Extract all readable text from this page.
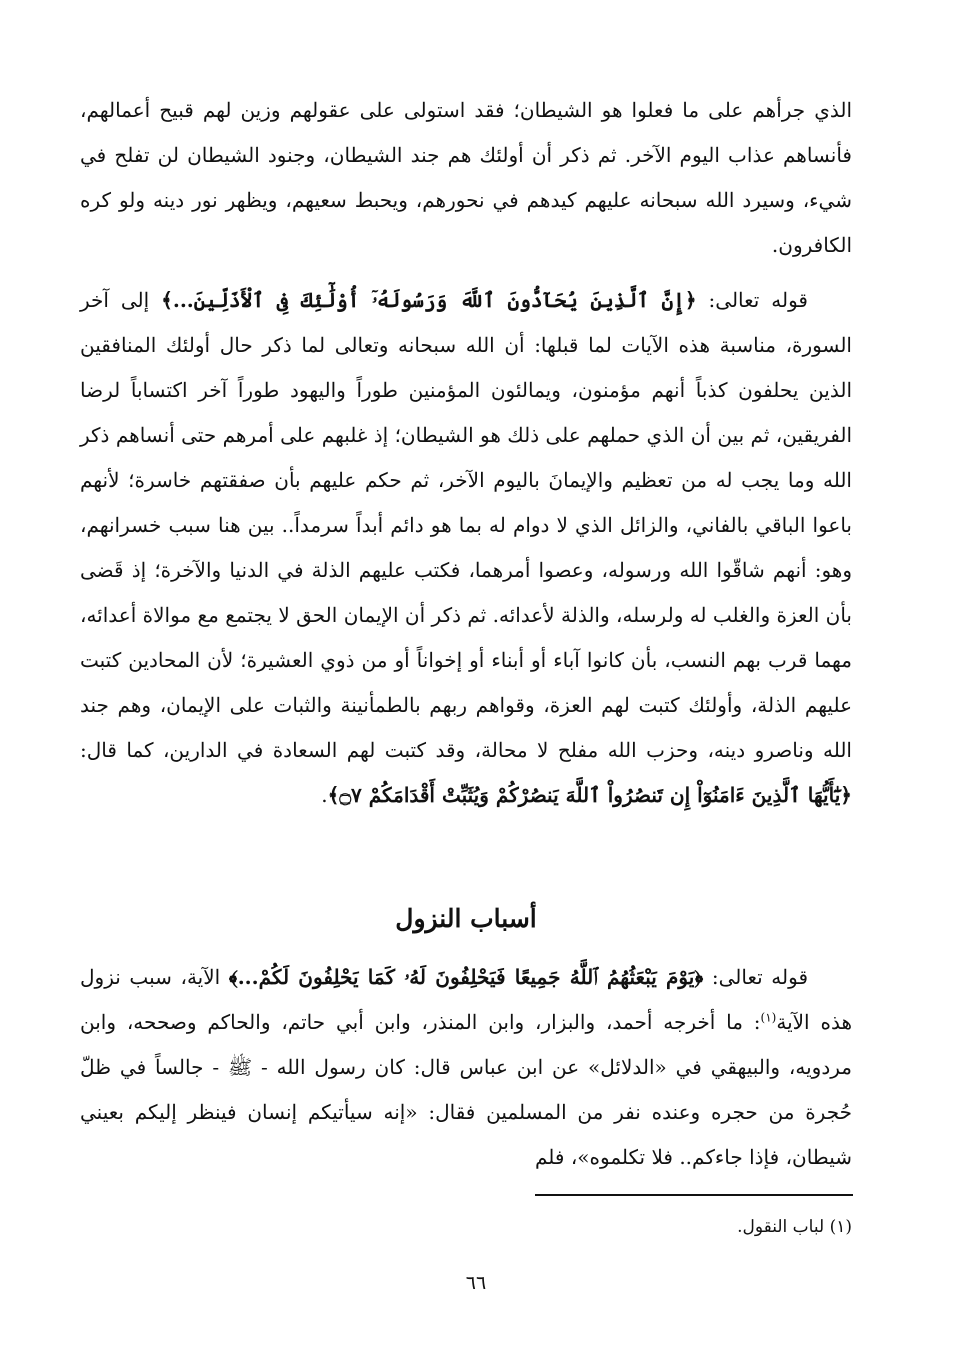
الذي جرأهم على ما فعلوا هو الشيطان؛ فقد استولى على عقولهم وزين لهم قبيح أعمالهم، فأنساهم عذاب اليوم الآخر. ثم ذكر أن أولئك هم جند الشيطان، وجنود الشيطان لن تفلح في شيء، وسيرد الله سبحانه عليهم كيدهم في نحورهم، ويحبط سعيهم، ويظهر نور دينه ولو كره الكافرون.

قوله تعالى: ﴿إِنَّ ٱلَّذِينَ يُحَآدُّونَ ٱللَّهَ وَرَسُولَهُۥٓ أُوْلَٰٓئِكَ فِى ٱلْأَذَلِّينَ...﴾ إلى آخر السورة، مناسبة هذه الآيات لما قبلها: أن الله سبحانه وتعالى لما ذكر حال أولئك المنافقين الذين يحلفون كذباً أنهم مؤمنون، ويمالئون المؤمنين طوراً واليهود طوراً آخر اكتساباً لرضا الفريقين، ثم بين أن الذي حملهم على ذلك هو الشيطان؛ إذ غلبهم على أمرهم حتى أنساهم ذكر الله وما يجب له من تعظيم والإيمانَ باليوم الآخر، ثم حكم عليهم بأن صفقتهم خاسرة؛ لأنهم باعوا الباقي بالفاني، والزائل الذي لا دوام له بما هو دائم أبداً سرمداً.. بين هنا سبب خسرانهم، وهو: أنهم شاقّوا الله ورسوله، وعصوا أمرهما، فكتب عليهم الذلة في الدنيا والآخرة؛ إذ قَضى بأن العزة والغلب له ولرسله، والذلة لأعدائه. ثم ذكر أن الإيمان الحق لا يجتمع مع موالاة أعدائه، مهما قرب بهم النسب، بأن كانوا آباء أو أبناء أو إخواناً أو من ذوي العشيرة؛ لأن المحادين كتبت عليهم الذلة، وأولئك كتبت لهم العزة، وقواهم ربهم بالطمأنينة والثبات على الإيمان، وهم جند الله وناصرو دينه، وحزب الله مفلح لا محالة، وقد كتبت لهم السعادة في الدارين، كما قال: ﴿يَٰٓأَيُّهَا ٱلَّذِينَ ءَامَنُوٓاْ إِن تَنصُرُواْ ٱللَّهَ يَنصُرْكُمْ وَيُثَبِّتْ أَقْدَامَكُمْ ۝٧﴾.

أسباب النزول

قوله تعالى: ﴿يَوْمَ يَبْعَثُهُمُ ٱللَّهُ جَمِيعًا فَيَحْلِفُونَ لَهُۥ كَمَا يَحْلِفُونَ لَكُمْ...﴾ الآية، سبب نزول هذه الآية$^{(١)}$: ما أخرجه أحمد، والبزار، وابن المنذر، وابن أبي حاتم، والحاكم وصححه، وابن مردويه، والبيهقي في «الدلائل» عن ابن عباس قال: كان رسول الله - ﷺ - جالساً في ظلّ حُجرة من حجره وعنده نفر من المسلمين فقال: «إنه سيأتيكم إنسان فينظر إليكم بعيني شيطان، فإذا جاءكم.. فلا تكلموه»، فلم

(١) لباب النقول.

٦٦
